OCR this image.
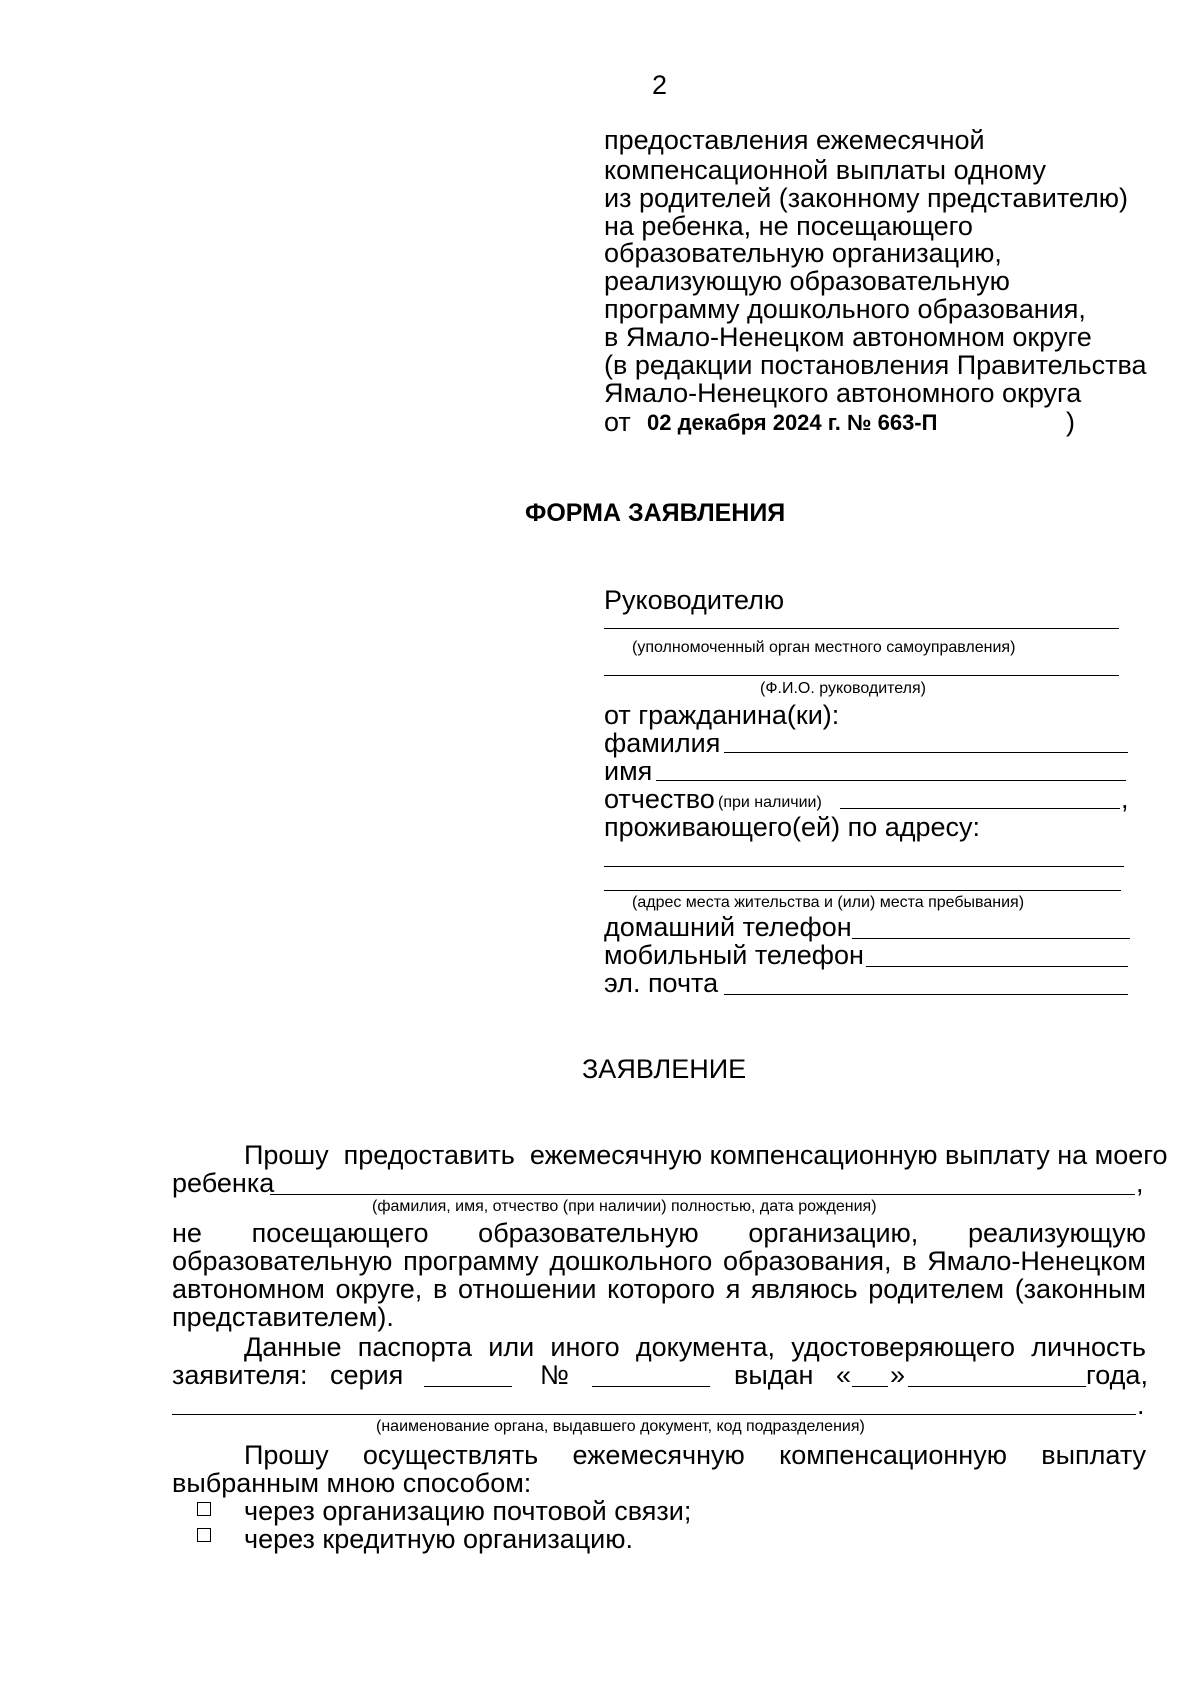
2
предоставления ежемесячной
компенсационной выплаты одному
из родителей (законному представителю)
на ребенка, не посещающего
образовательную организацию,
реализующую образовательную
программу дошкольного образования,
в Ямало-Ненецком автономном округе
(в редакции постановления Правительства
Ямало-Ненецкого автономного округа
от 02 декабря 2024 г. № 663-П	)
ФОРМА ЗАЯВЛЕНИЯ
Руководителю
(уполномоченный орган местного самоуправления)
(Ф.И.О. руководителя)
от гражданина(ки):
фамилия
имя
отчество (при наличии)	,
проживающего(ей) по адресу:
(адрес места жительства и (или) места пребывания)
домашний телефон
мобильный телефон
эл. почта
ЗАЯВЛЕНИЕ
Прошу  предоставить  ежемесячную компенсационную выплату на моего
ребенка	,
(фамилия, имя, отчество (при наличии) полностью, дата рождения)
не посещающего образовательную организацию, реализующую
образовательную программу дошкольного образования, в Ямало-Ненецком
автономном округе, в отношении которого я являюсь родителем (законным
представителем).
Данные паспорта или иного документа, удостоверяющего личность
заявителя: серия	№	выдан « »	года,
.
(наименование органа, выдавшего документ, код подразделения)
Прошу осуществлять ежемесячную компенсационную выплату
выбранным мною способом:
через организацию почтовой связи;
через кредитную организацию.
